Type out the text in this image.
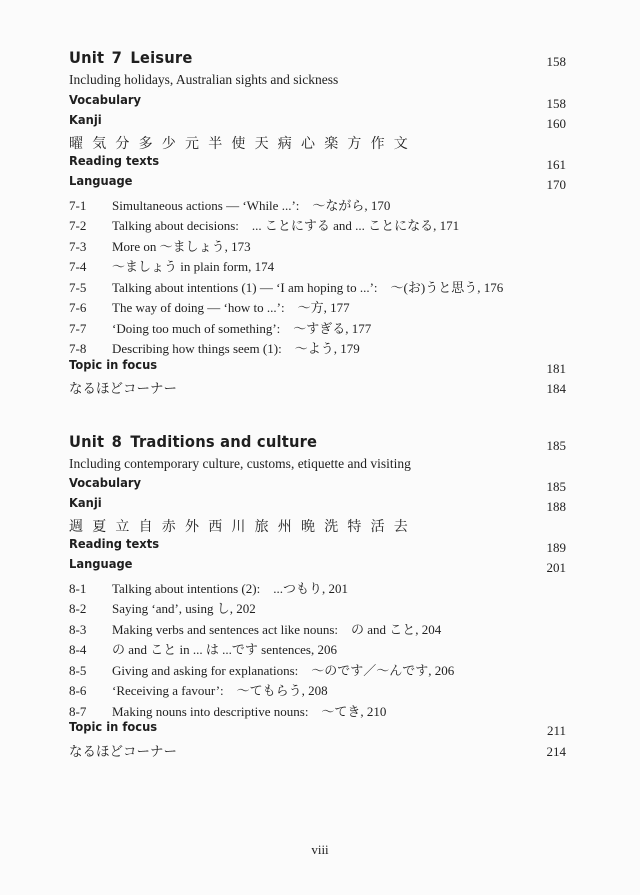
Unit 7 Leisure	158
Including holidays, Australian sights and sickness
Vocabulary	158
Kanji	160
曜気分多少元半使天病心楽方作文
Reading texts	161
Language	170
7-1 Simultaneous actions — ‘While ...’:　～ながら, 170
7-2 Talking about decisions:　... ことにする and ... ことになる, 171
7-3 More on ～ましょう, 173
7-4 ～ましょう in plain form, 174
7-5 Talking about intentions (1) — ‘I am hoping to ...’:　～(お)うと思う, 176
7-6 The way of doing — ‘how to ...’:　～方, 177
7-7 ‘Doing too much of something’:　～すぎる, 177
7-8 Describing how things seem (1):　～よう, 179
Topic in focus	181
なるほどコーナー	184
Unit 8 Traditions and culture	185
Including contemporary culture, customs, etiquette and visiting
Vocabulary	185
Kanji	188
週夏立自赤外西川旅州晩洗特活去
Reading texts	189
Language	201
8-1 Talking about intentions (2):　...つもり, 201
8-2 Saying ‘and’, using し, 202
8-3 Making verbs and sentences act like nouns:　の and こと, 204
8-4 の and こと in ... は ...です sentences, 206
8-5 Giving and asking for explanations:　～のです／～んです, 206
8-6 ‘Receiving a favour’:　～てもらう, 208
8-7 Making nouns into descriptive nouns:　～てき, 210
Topic in focus	211
なるほどコーナー	214
viii
